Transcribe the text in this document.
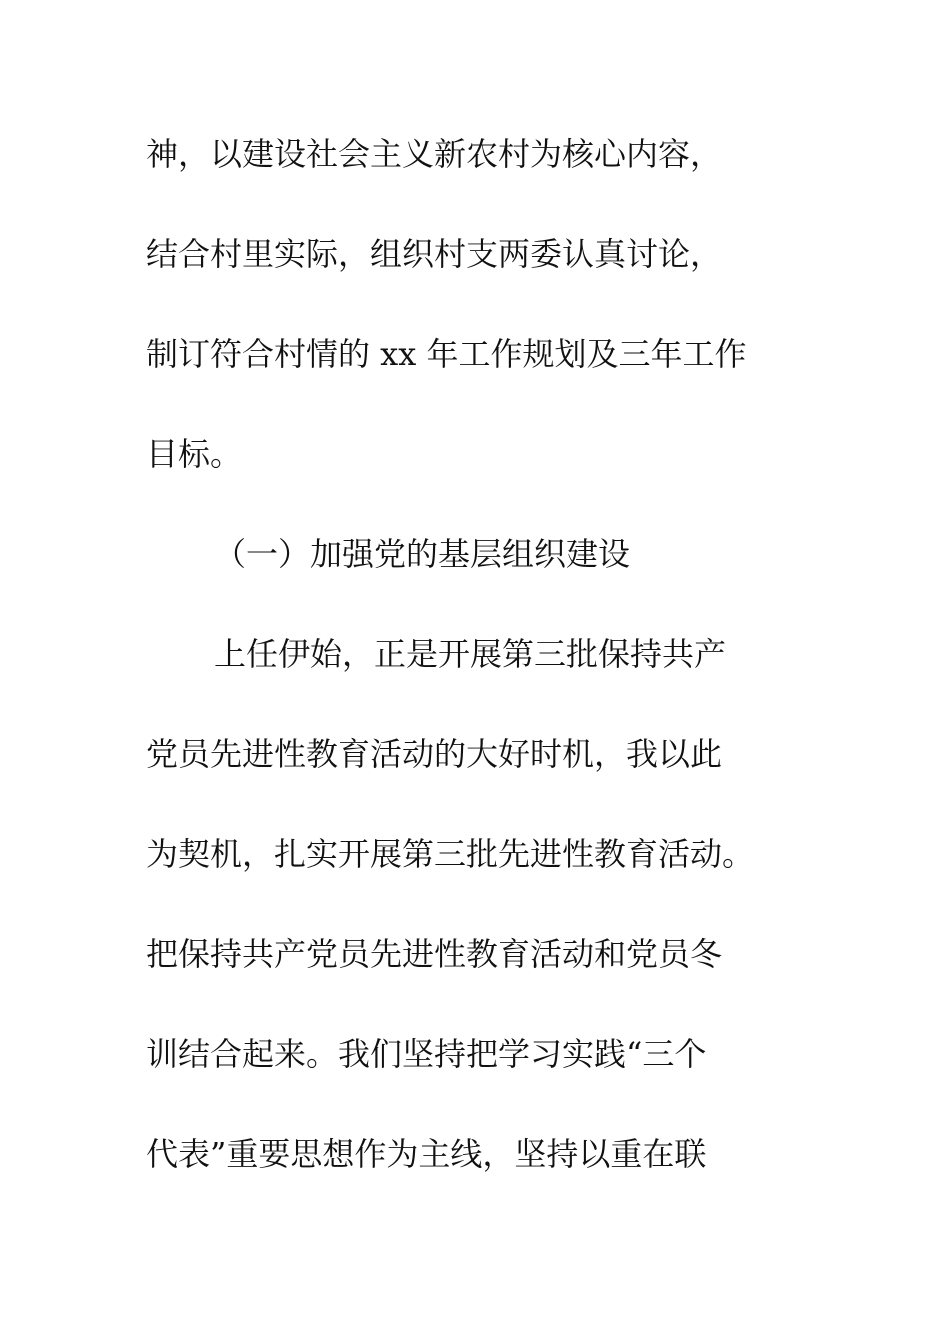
神，以建设社会主义新农村为核心内容，
结合村里实际，组织村支两委认真讨论，
制订符合村情的 xx 年工作规划及三年工作
目标。
（一）加强党的基层组织建设
上任伊始，正是开展第三批保持共产
党员先进性教育活动的大好时机，我以此
为契机，扎实开展第三批先进性教育活动。
把保持共产党员先进性教育活动和党员冬
训结合起来。我们坚持把学习实践“三个
代表”重要思想作为主线，坚持以重在联
